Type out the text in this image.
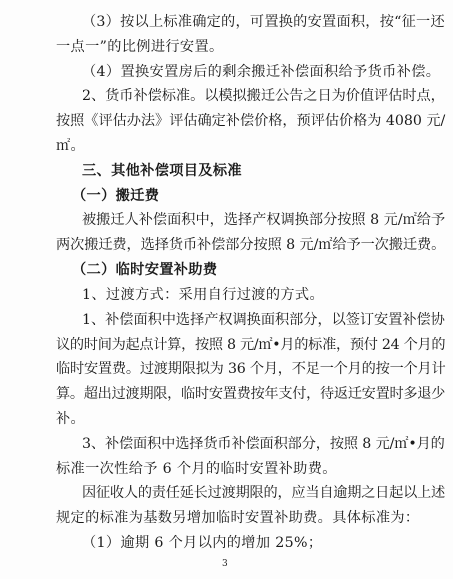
（3）按以上标准确定的，可置换的安置面积，按“征一还
一点一”的比例进行安置。
（4）置换安置房后的剩余搬迁补偿面积给予货币补偿。
2、货币补偿标准。以模拟搬迁公告之日为价值评估时点，
按照《评估办法》评估确定补偿价格，预评估价格为 4080 元/
㎡。
三、其他补偿项目及标准
（一）搬迁费
被搬迁人补偿面积中，选择产权调换部分按照 8 元/㎡给予
两次搬迁费，选择货币补偿部分按照 8 元/㎡给予一次搬迁费。
（二）临时安置补助费
1、过渡方式：采用自行过渡的方式。
1、补偿面积中选择产权调换面积部分，以签订安置补偿协
议的时间为起点计算，按照 8 元/㎡•月的标准，预付 24 个月的
临时安置费。过渡期限拟为 36 个月，不足一个月的按一个月计
算。超出过渡期限，临时安置费按年支付，待返迁安置时多退少
补。
3、补偿面积中选择货币补偿面积部分，按照 8 元/㎡•月的
标准一次性给予 6 个月的临时安置补助费。
因征收人的责任延长过渡期限的，应当自逾期之日起以上述
规定的标准为基数另增加临时安置补助费。具体标准为：
（1）逾期 6 个月以内的增加 25%；
3
